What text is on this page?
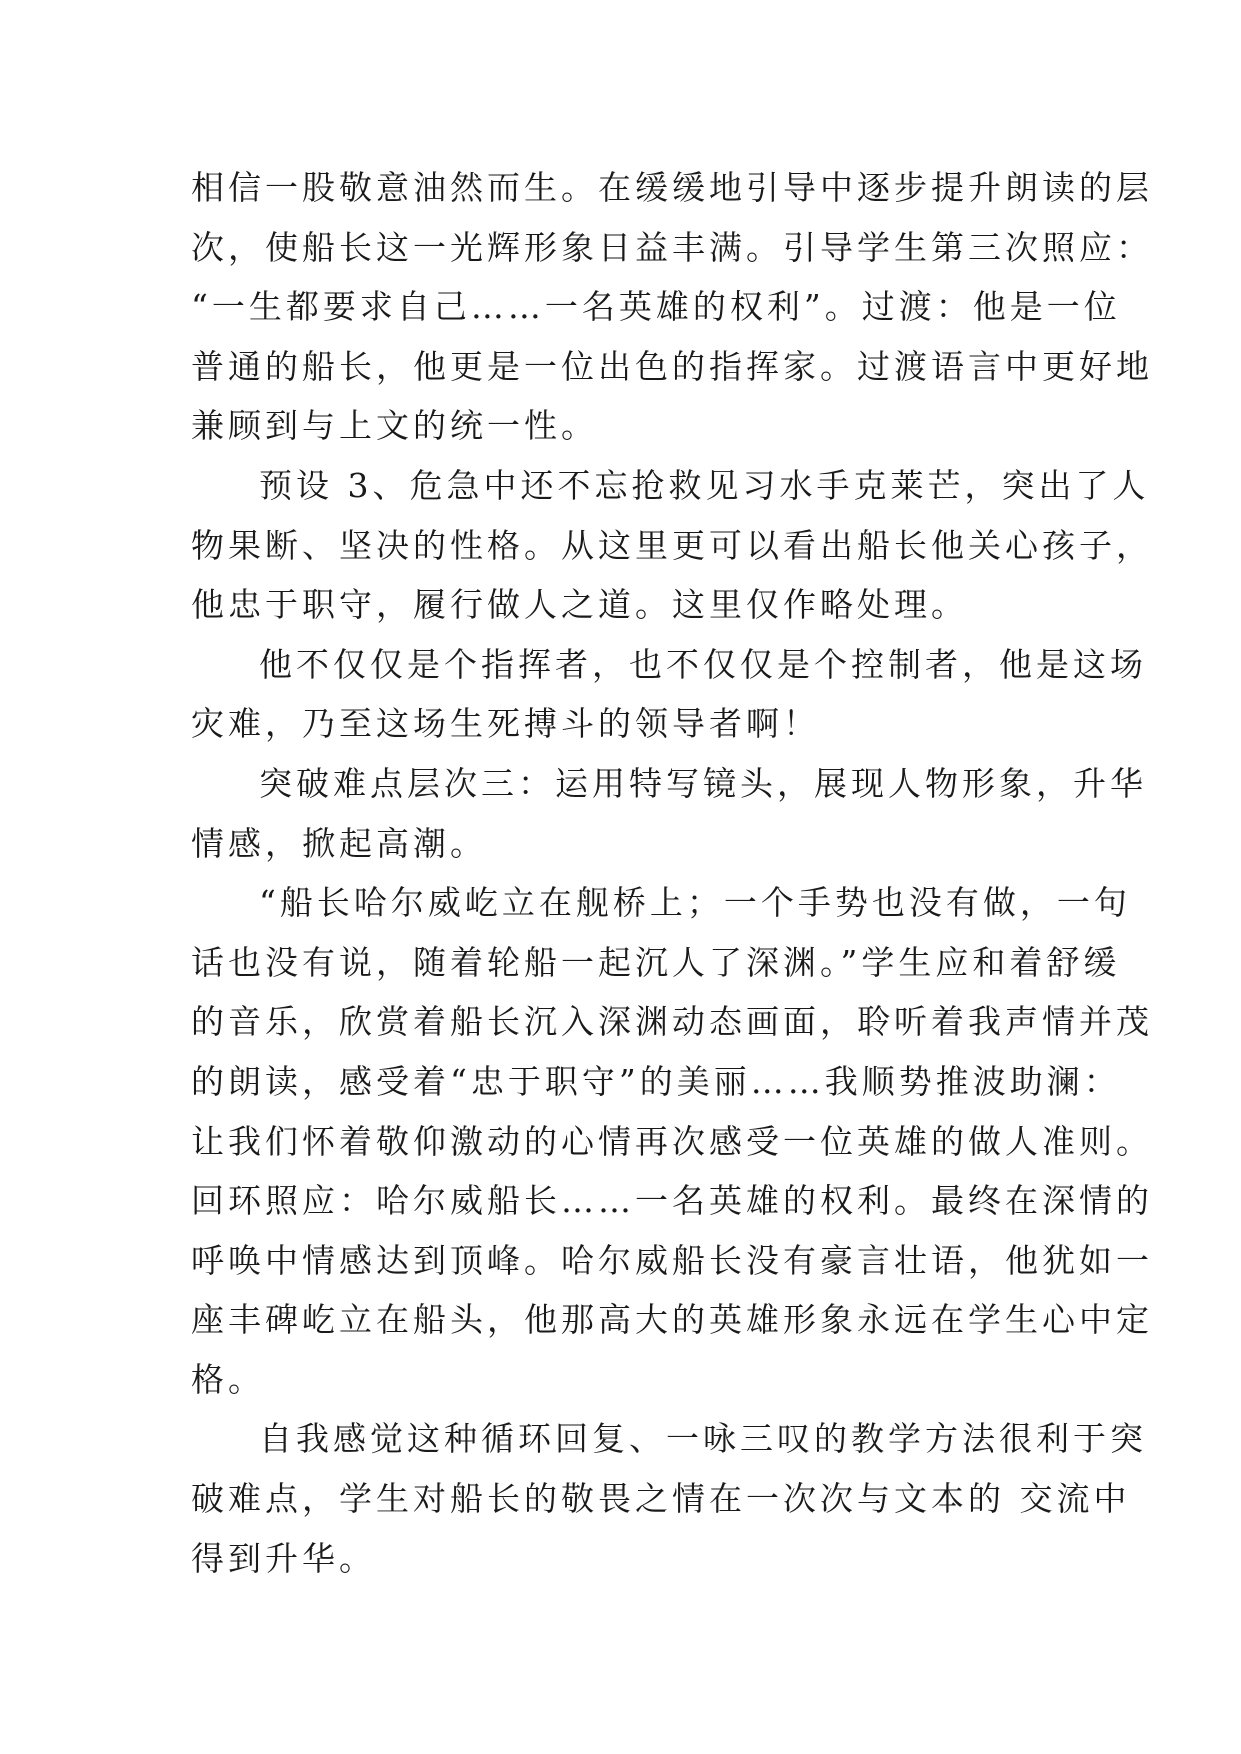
相信一股敬意油然而生。在缓缓地引导中逐步提升朗读的层
次，使船长这一光辉形象日益丰满。引导学生第三次照应：
“一生都要求自己……一名英雄的权利”。过渡：他是一位
普通的船长，他更是一位出色的指挥家。过渡语言中更好地
兼顾到与上文的统一性。
预设 3、危急中还不忘抢救见习水手克莱芒，突出了人
物果断、坚决的性格。从这里更可以看出船长他关心孩子，
他忠于职守，履行做人之道。这里仅作略处理。
他不仅仅是个指挥者，也不仅仅是个控制者，他是这场
灾难，乃至这场生死搏斗的领导者啊！
突破难点层次三：运用特写镜头，展现人物形象，升华
情感，掀起高潮。
“船长哈尔威屹立在舰桥上；一个手势也没有做，一句
话也没有说，随着轮船一起沉人了深渊。”学生应和着舒缓
的音乐，欣赏着船长沉入深渊动态画面，聆听着我声情并茂
的朗读，感受着“忠于职守”的美丽……我顺势推波助澜：
让我们怀着敬仰激动的心情再次感受一位英雄的做人准则。
回环照应：哈尔威船长……一名英雄的权利。最终在深情的
呼唤中情感达到顶峰。哈尔威船长没有豪言壮语，他犹如一
座丰碑屹立在船头，他那高大的英雄形象永远在学生心中定
格。
自我感觉这种循环回复、一咏三叹的教学方法很利于突
破难点，学生对船长的敬畏之情在一次次与文本的 交流中
得到升华。
